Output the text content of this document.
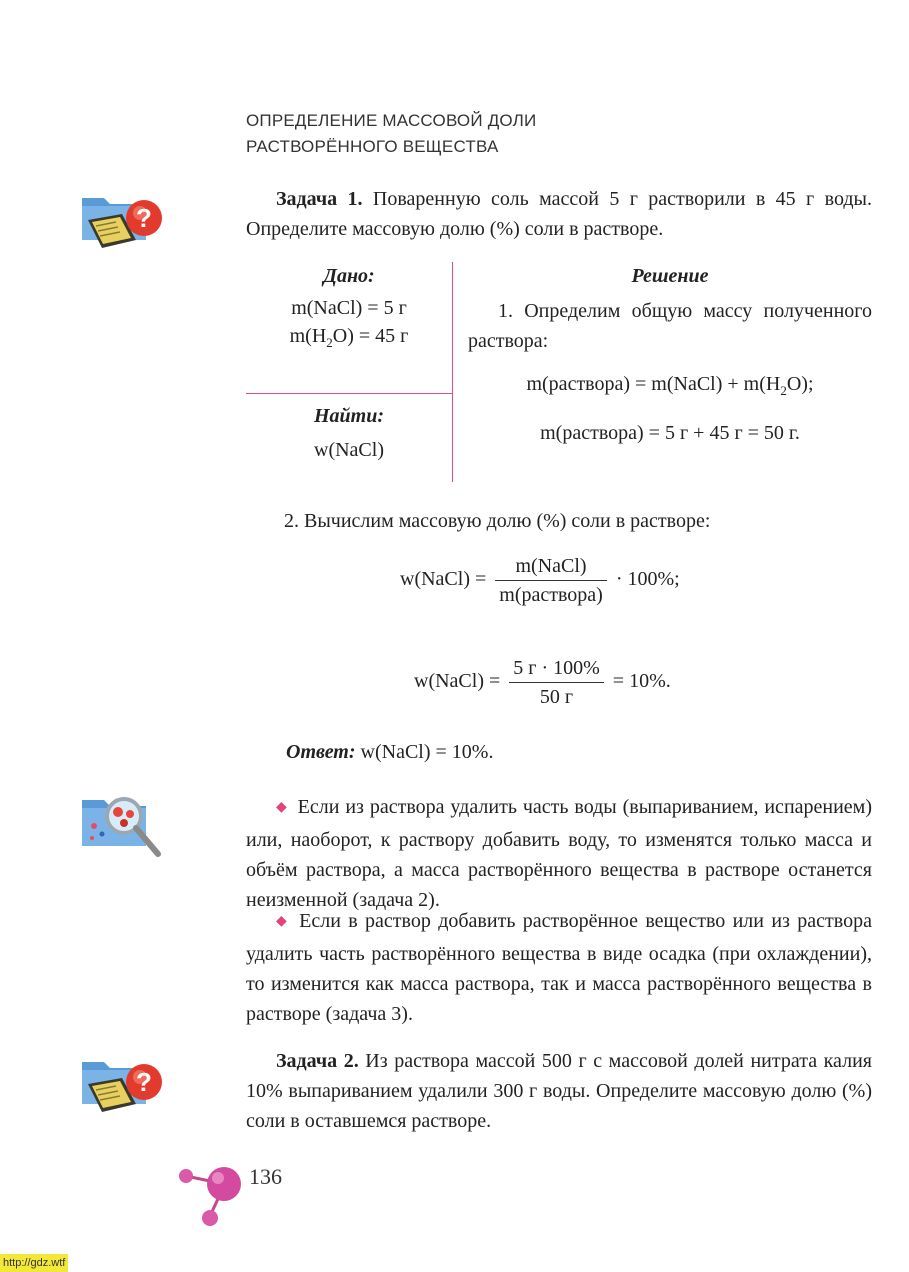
ОПРЕДЕЛЕНИЕ МАССОВОЙ ДОЛИ
РАСТВОРЁННОГО ВЕЩЕСТВА
?
Задача 1. Поваренную соль массой 5 г растворили в 45 г воды. Определите массовую долю (%) соли в растворе.
Дано:
m(NaCl) = 5 г
$m(H_2O) = 45$ г
Найти:
w(NaCl)
Решение
1. Определим общую массу полученного раствора:
m(раствора) = m(NaCl) + $m(H_2O)$;
m(раствора) = 5 г + 45 г = 50 г.
2. Вычислим массовую долю (%) соли в растворе:
w(NaCl) = $\frac{\text{m(NaCl)}}{\text{m(раствора)}} \cdot 100\%$;
w(NaCl) = $\frac{5 г \cdot 100\%}{50 г} = 10\%$.
Ответ: w(NaCl) = 10%.
◆ Если из раствора удалить часть воды (выпариванием, испарением) или, наоборот, к раствору добавить воду, то изменятся только масса и объём раствора, а масса растворённого вещества в растворе останется неизменной (задача 2).
◆ Если в раствор добавить растворённое вещество или из раствора удалить часть растворённого вещества в виде осадка (при охлаждении), то изменится как масса раствора, так и масса растворённого вещества в растворе (задача 3).
?
Задача 2. Из раствора массой 500 г с массовой долей нитрата калия 10% выпариванием удалили 300 г воды. Определите массовую долю (%) соли в оставшемся растворе.
136
http://gdz.wtf
